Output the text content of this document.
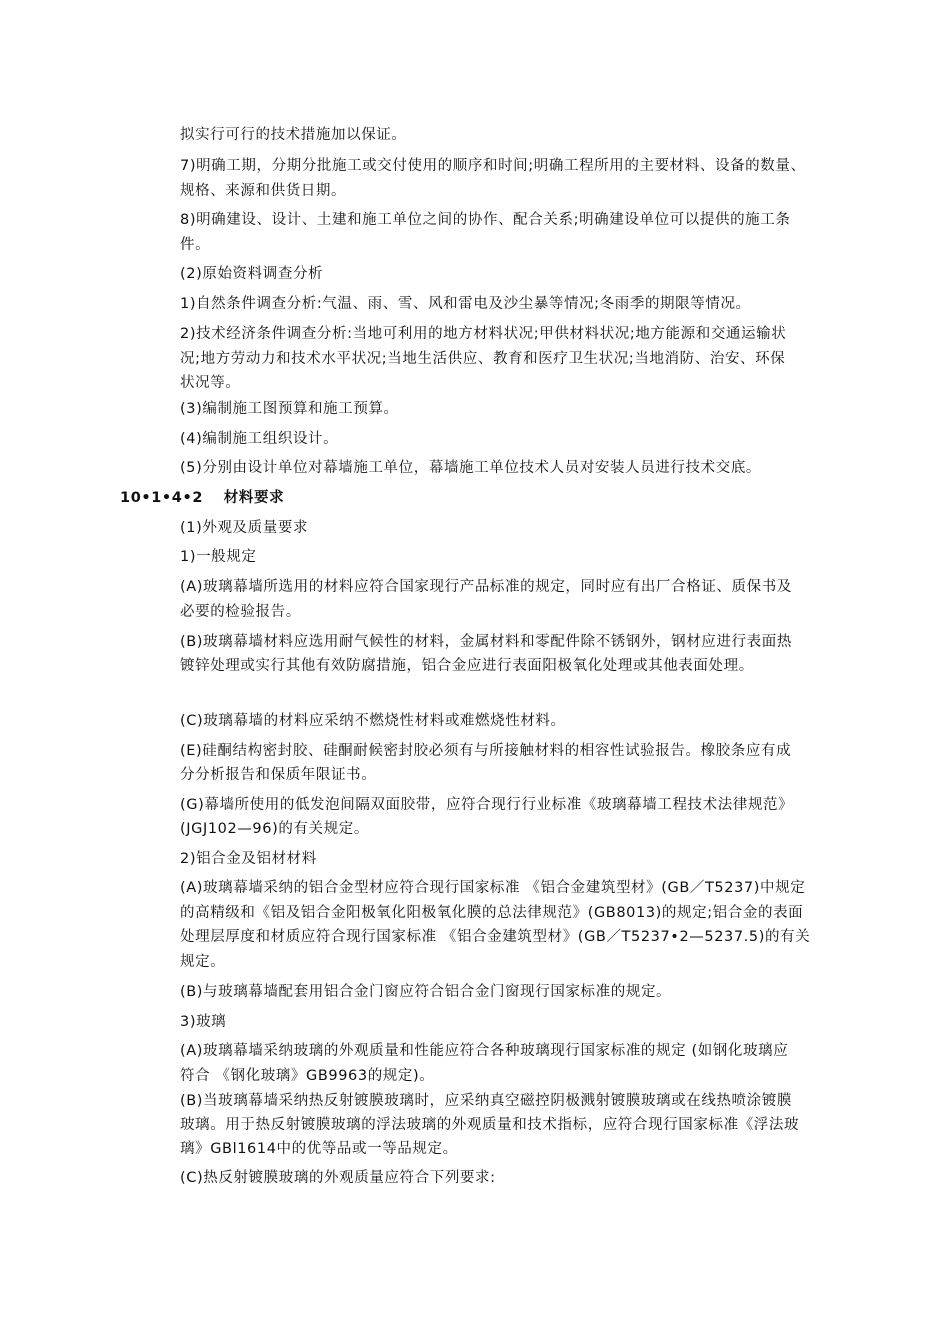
拟实行可行的技术措施加以保证。
7)明确工期，分期分批施工或交付使用的顺序和时间;明确工程所用的主要材料、设备的数量、
规格、来源和供货日期。
8)明确建设、设计、土建和施工单位之间的协作、配合关系;明确建设单位可以提供的施工条
件。
(2)原始资料调查分析
1)自然条件调查分析:气温、雨、雪、风和雷电及沙尘暴等情况;冬雨季的期限等情况。
2)技术经济条件调查分析:当地可利用的地方材料状况;甲供材料状况;地方能源和交通运输状
况;地方劳动力和技术水平状况;当地生活供应、教育和医疗卫生状况;当地消防、治安、环保
状况等。
(3)编制施工图预算和施工预算。
(4)编制施工组织设计。
(5)分别由设计单位对幕墙施工单位，幕墙施工单位技术人员对安装人员进行技术交底。
10•1•4•2　 材料要求
(1)外观及质量要求
1)一般规定
(A)玻璃幕墙所选用的材料应符合国家现行产品标准的规定，同时应有出厂合格证、质保书及
必要的检验报告。
(B)玻璃幕墙材料应选用耐气候性的材料，金属材料和零配件除不锈钢外，钢材应进行表面热
镀锌处理或实行其他有效防腐措施，铝合金应进行表面阳极氧化处理或其他表面处理。
(C)玻璃幕墙的材料应采纳不燃烧性材料或难燃烧性材料。
(E)硅酮结构密封胶、硅酮耐候密封胶必须有与所接触材料的相容性试验报告。橡胶条应有成
分分析报告和保质年限证书。
(G)幕墙所使用的低发泡间隔双面胶带，应符合现行行业标准《玻璃幕墙工程技术法律规范》
(JGJ102—96)的有关规定。
2)铝合金及铝材材料
(A)玻璃幕墙采纳的铝合金型材应符合现行国家标准 《铝合金建筑型材》(GB／T5237)中规定
的高精级和《铝及铝合金阳极氧化阳极氧化膜的总法律规范》(GB8013)的规定;铝合金的表面
处理层厚度和材质应符合现行国家标准 《铝合金建筑型材》(GB／T5237•2—5237.5)的有关
规定。
(B)与玻璃幕墙配套用铝合金门窗应符合铝合金门窗现行国家标准的规定。
3)玻璃
(A)玻璃幕墙采纳玻璃的外观质量和性能应符合各种玻璃现行国家标准的规定 (如钢化玻璃应
符合 《钢化玻璃》GB9963的规定)。
(B)当玻璃幕墙采纳热反射镀膜玻璃时，应采纳真空磁控阴极溅射镀膜玻璃或在线热喷涂镀膜
玻璃。用于热反射镀膜玻璃的浮法玻璃的外观质量和技术指标，应符合现行国家标准《浮法玻
璃》GBl1614中的优等品或一等品规定。
(C)热反射镀膜玻璃的外观质量应符合下列要求:
